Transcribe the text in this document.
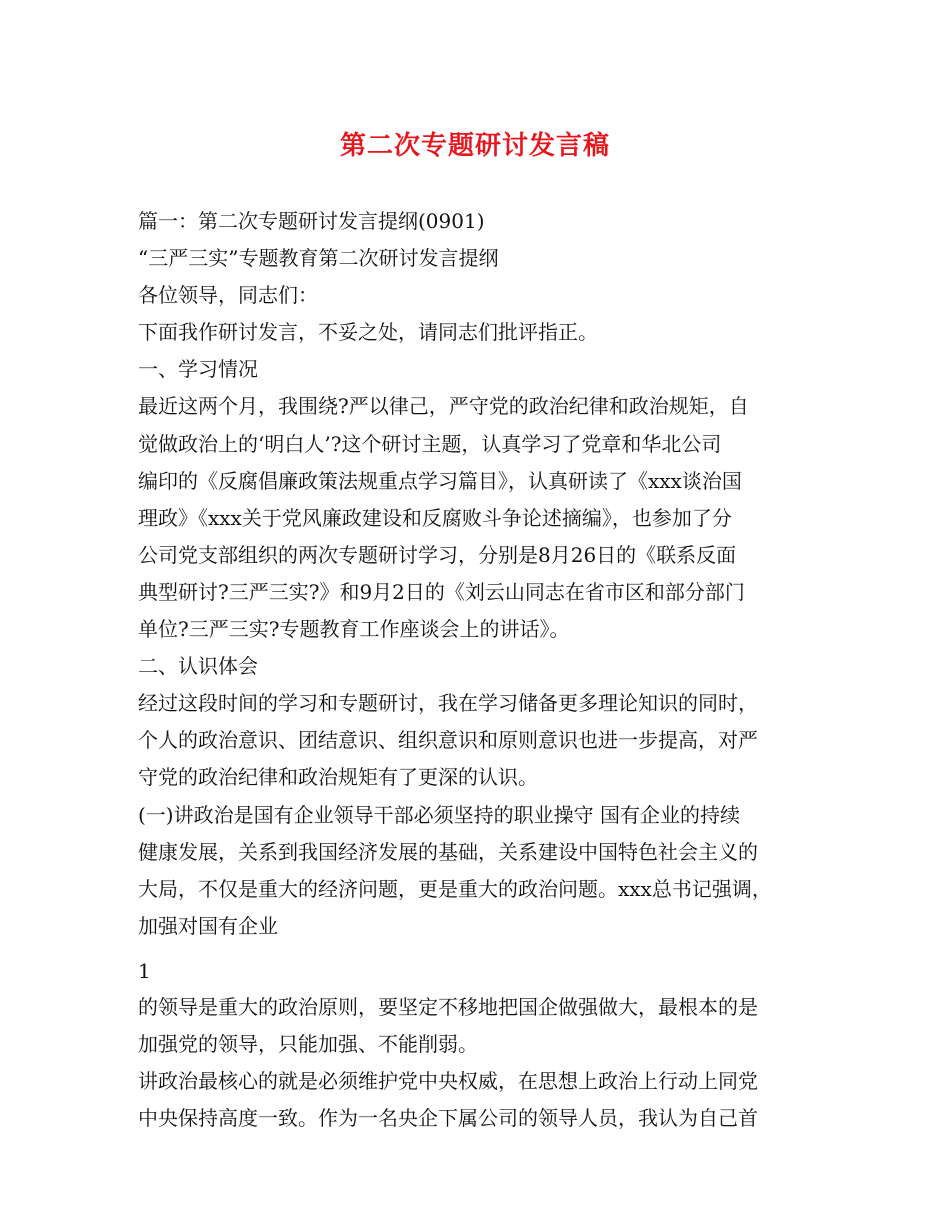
第二次专题研讨发言稿
篇一：第二次专题研讨发言提纲(0901)
“三严三实”专题教育第二次研讨发言提纲
各位领导，同志们：
下面我作研讨发言，不妥之处，请同志们批评指正。
一、学习情况
最近这两个月，我围绕?严以律己，严守党的政治纪律和政治规矩，自
觉做政治上的‘明白人’?这个研讨主题，认真学习了党章和华北公司
编印的《反腐倡廉政策法规重点学习篇目》，认真研读了《xxx谈治国
理政》《xxx关于党风廉政建设和反腐败斗争论述摘编》，也参加了分
公司党支部组织的两次专题研讨学习，分别是8月26日的《联系反面
典型研讨?三严三实?》和9月2日的《刘云山同志在省市区和部分部门
单位?三严三实?专题教育工作座谈会上的讲话》。
二、认识体会
经过这段时间的学习和专题研讨，我在学习储备更多理论知识的同时，
个人的政治意识、团结意识、组织意识和原则意识也进一步提高，对严
守党的政治纪律和政治规矩有了更深的认识。
(一)讲政治是国有企业领导干部必须坚持的职业操守 国有企业的持续
健康发展，关系到我国经济发展的基础，关系建设中国特色社会主义的
大局，不仅是重大的经济问题，更是重大的政治问题。xxx总书记强调，
加强对国有企业
1
的领导是重大的政治原则，要坚定不移地把国企做强做大，最根本的是
加强党的领导，只能加强、不能削弱。
讲政治最核心的就是必须维护党中央权威，在思想上政治上行动上同党
中央保持高度一致。作为一名央企下属公司的领导人员，我认为自己首
